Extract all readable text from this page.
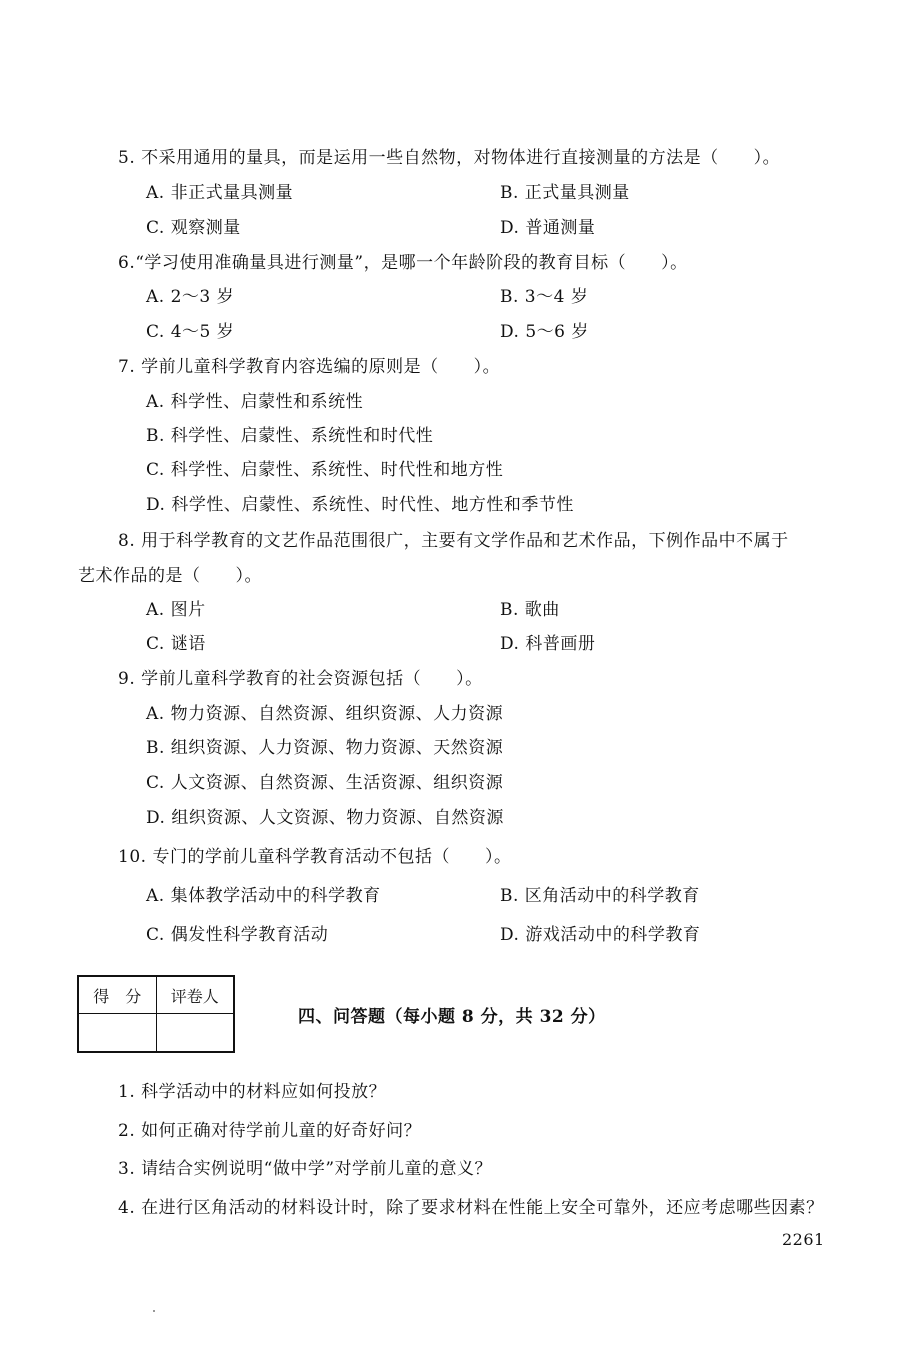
5. 不采用通用的量具，而是运用一些自然物，对物体进行直接测量的方法是（　　）。
A. 非正式量具测量	B. 正式量具测量
C. 观察测量	D. 普通测量
6.“学习使用准确量具进行测量”，是哪一个年龄阶段的教育目标（　　）。
A. 2～3 岁	B. 3～4 岁
C. 4～5 岁	D. 5～6 岁
7. 学前儿童科学教育内容选编的原则是（　　）。
A. 科学性、启蒙性和系统性
B. 科学性、启蒙性、系统性和时代性
C. 科学性、启蒙性、系统性、时代性和地方性
D. 科学性、启蒙性、系统性、时代性、地方性和季节性
8. 用于科学教育的文艺作品范围很广，主要有文学作品和艺术作品，下例作品中不属于
艺术作品的是（　　）。
A. 图片	B. 歌曲
C. 谜语	D. 科普画册
9. 学前儿童科学教育的社会资源包括（　　）。
A. 物力资源、自然资源、组织资源、人力资源
B. 组织资源、人力资源、物力资源、天然资源
C. 人文资源、自然资源、生活资源、组织资源
D. 组织资源、人文资源、物力资源、自然资源
10. 专门的学前儿童科学教育活动不包括（　　）。
A. 集体教学活动中的科学教育	B. 区角活动中的科学教育
C. 偶发性科学教育活动	D. 游戏活动中的科学教育
得　分	评卷人

四、问答题（每小题 8 分，共 32 分）
1. 科学活动中的材料应如何投放？
2. 如何正确对待学前儿童的好奇好问？
3. 请结合实例说明“做中学”对学前儿童的意义？
4. 在进行区角活动的材料设计时，除了要求材料在性能上安全可靠外，还应考虑哪些因素？
2261
